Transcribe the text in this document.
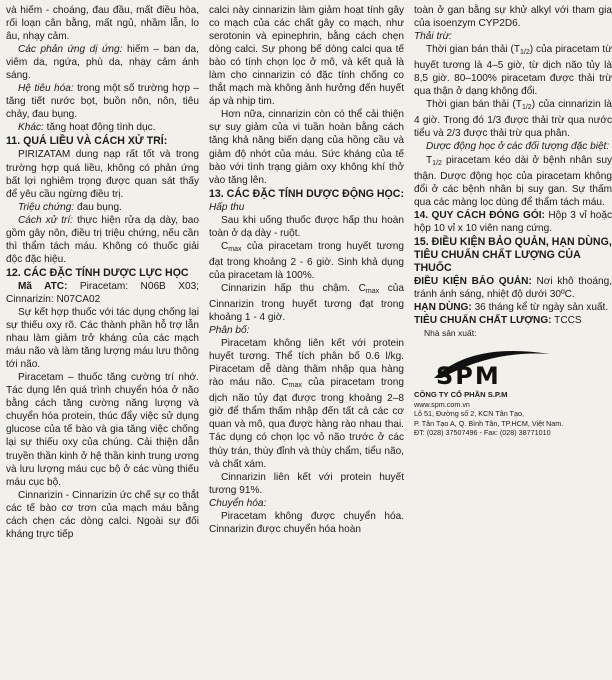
và hiếm - choáng, đau đầu, mất điều hòa, rối loạn cân bằng, mất ngủ, nhầm lẫn, lo âu, nhạy cảm.

Các phản ứng dị ứng: hiếm – ban da, viêm da, ngứa, phù da, nhạy cảm ánh sáng.

Hệ tiêu hóa: trong một số trường hợp – tăng tiết nước bọt, buồn nôn, nôn, tiêu chảy, đau bụng.

Khác: tăng hoạt động tình dục.

11. QUÁ LIỀU VÀ CÁCH XỬ TRÍ:

PIRIZATAM dung nạp rất tốt và trong trường hợp quá liều, không có phản ứng bất lợi nghiêm trọng được quan sát thấy để yêu cầu ngừng điều trị.

Triệu chứng: đau bụng.

Cách xử trí: thực hiện rửa dạ dày, bao gồm gây nôn, điều trị triệu chứng, nếu cần thì thẩm tách máu. Không có thuốc giải độc đặc hiệu.

12. CÁC ĐẶC TÍNH DƯỢC LỰC HỌC

Mã ATC: Piracetam: N06B X03; Cinnarizin: N07CA02

Sự kết hợp thuốc với tác dụng chống lại sự thiếu oxy rõ. Các thành phần hỗ trợ lẫn nhau làm giảm trở kháng của các mạch máu não và làm tăng lượng máu lưu thông tới não.

Piracetam – thuốc tăng cường trí nhớ. Tác dụng lên quá trình chuyển hóa ở não bằng cách tăng cường năng lượng và chuyển hóa protein, thúc đẩy việc sử dụng glucose của tế bào và gia tăng việc chống lại sự thiếu oxy của chúng. Cải thiện dẫn truyền thần kinh ở hệ thần kinh trung ương và lưu lượng máu cục bộ ở các vùng thiếu máu cục bộ.

Cinnarizin - Cinnarizin ức chế sự co thắt các tế bào cơ trơn của mạch máu bằng cách chẹn các dòng calci. Ngoài sự đối kháng trực tiếp

calci này cinnarizin làm giảm hoạt tính gây co mạch của các chất gây co mạch, như serotonin và epinephrin, bằng cách chẹn dòng calci. Sự phong bế dòng calci qua tế bào có tính chọn lọc ở mô, và kết quả là làm cho cinnarizin có đặc tính chống co thắt mạch mà không ảnh hưởng đến huyết áp và nhịp tim.

Hơn nữa, cinnarizin còn có thể cải thiện sự suy giảm của vi tuần hoàn bằng cách tăng khả năng biến dạng của hồng cầu và giảm độ nhớt của máu. Sức kháng của tế bào với tình trạng giảm oxy không khí thở vào tăng lên.

13. CÁC ĐẶC TÍNH DƯỢC ĐỘNG HỌC:

Hấp thu

Sau khi uống thuốc được hấp thu hoàn toàn ở dạ dày - ruột.

$C_{max}$ của piracetam trong huyết tương đạt trong khoảng 2 - 6 giờ. Sinh khả dụng của piracetam là 100%.

Cinnarizin hấp thu chậm. $C_{max}$ của Cinnarizin trong huyết tương đạt trong khoảng 1 - 4 giờ.

Phân bố:

Piracetam không liên kết với protein huyết tương. Thể tích phân bố 0.6 l/kg. Piracetam dễ dàng thâm nhập qua hàng rào máu não. $C_{max}$ của piracetam trong dịch não tủy đạt được trong khoảng 2–8 giờ để thẩm thấm nhập đến tất cả các cơ quan và mô, qua được hàng rào nhau thai. Tác dụng có chọn lọc vỏ não trước ở các thùy trán, thùy đỉnh và thùy chẩm, tiểu não, và chất xám.

Cinnarizin liên kết với protein huyết tương 91%.

Chuyển hóa:

Piracetam không được chuyển hóa. Cinnarizin được chuyển hóa hoàn

toàn ở gan bằng sự khử alkyl với tham gia của isoenzym CYP2D6.

Thải trừ:

Thời gian bán thải $(T_{1/2})$ của piracetam từ huyết tương là 4–5 giờ, từ dịch não tủy là 8,5 giờ. 80–100% piracetam được thải trừ qua thận ở dạng không đổi.

Thời gian bán thải $(T_{1/2})$ của cinnarizin là 4 giờ. Trong đó 1/3 được thải trừ qua nước tiểu và 2/3 được thải trừ qua phân.

Dược động học ở các đối tượng đặc biệt:

$T_{1/2}$ piracetam kéo dài ở bệnh nhân suy thận. Dược động học của piracetam không đổi ở các bệnh nhân bị suy gan. Sự thấm qua các màng lọc dùng để thẩm tách máu.

14. QUY CÁCH ĐÓNG GÓI: Hộp 3 vỉ hoặc hộp 10 vỉ x 10 viên nang cứng.

15. ĐIỀU KIỆN BẢO QUẢN, HẠN DÙNG, TIÊU CHUẨN CHẤT LƯỢNG CỦA THUỐC

ĐIỀU KIỆN BẢO QUẢN: Nơi khô thoáng, tránh ánh sáng, nhiệt độ dưới 30ºC.

HẠN DÙNG: 36 tháng kể từ ngày sản xuất.

TIÊU CHUẨN CHẤT LƯỢNG: TCCS

Nhà sản xuất:

SPM
CÔNG TY CỔ PHẦN S.P.M
www.spm.com.vn
Lô 51, Đường số 2, KCN Tân Tạo,
P. Tân Tạo A, Q. Bình Tân, TP.HCM, Việt Nam.
ĐT: (028) 37507496 - Fax: (028) 38771010
